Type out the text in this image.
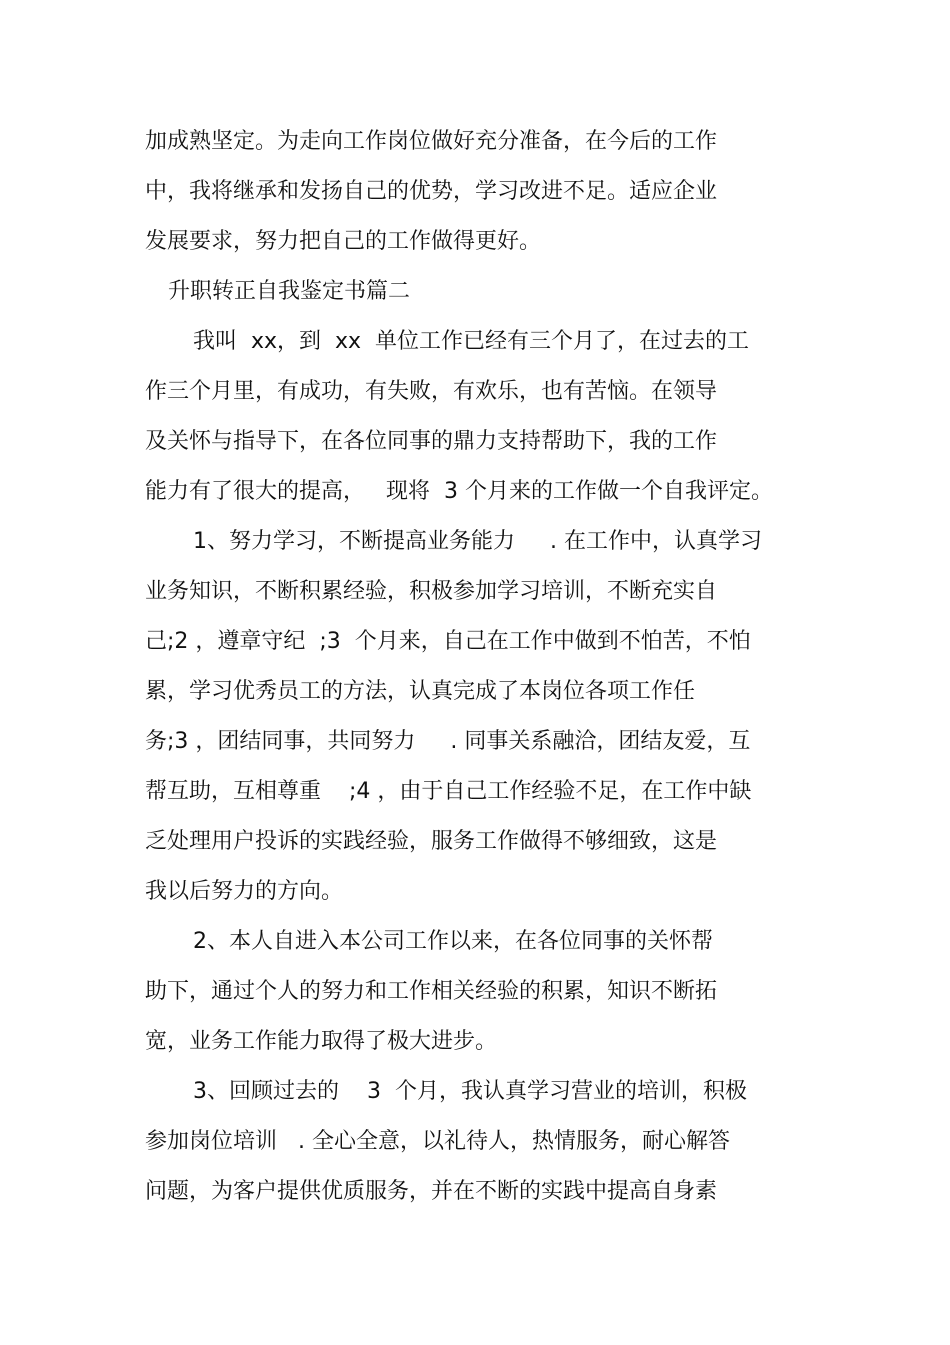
加成熟坚定。为走向工作岗位做好充分准备，在今后的工作
中，我将继承和发扬自己的优势，学习改进不足。适应企业
发展要求，努力把自己的工作做得更好。
升职转正自我鉴定书篇二
我叫  xx，到  xx  单位工作已经有三个月了，在过去的工
作三个月里，有成功，有失败，有欢乐，也有苦恼。在领导
及关怀与指导下，在各位同事的鼎力支持帮助下，我的工作
能力有了很大的提高，   现将  3 个月来的工作做一个自我评定。
1、努力学习，不断提高业务能力     . 在工作中，认真学习
业务知识，不断积累经验，积极参加学习培训，不断充实自
己;2 ，遵章守纪  ;3  个月来，自己在工作中做到不怕苦，不怕
累，学习优秀员工的方法，认真完成了本岗位各项工作任
务;3 ，团结同事，共同努力     . 同事关系融洽，团结友爱，互
帮互助，互相尊重    ;4 ，由于自己工作经验不足，在工作中缺
乏处理用户投诉的实践经验，服务工作做得不够细致，这是
我以后努力的方向。
2、本人自进入本公司工作以来，在各位同事的关怀帮
助下，通过个人的努力和工作相关经验的积累，知识不断拓
宽，业务工作能力取得了极大进步。
3、回顾过去的    3  个月，我认真学习营业的培训，积极
参加岗位培训   . 全心全意，以礼待人，热情服务，耐心解答
问题，为客户提供优质服务，并在不断的实践中提高自身素
